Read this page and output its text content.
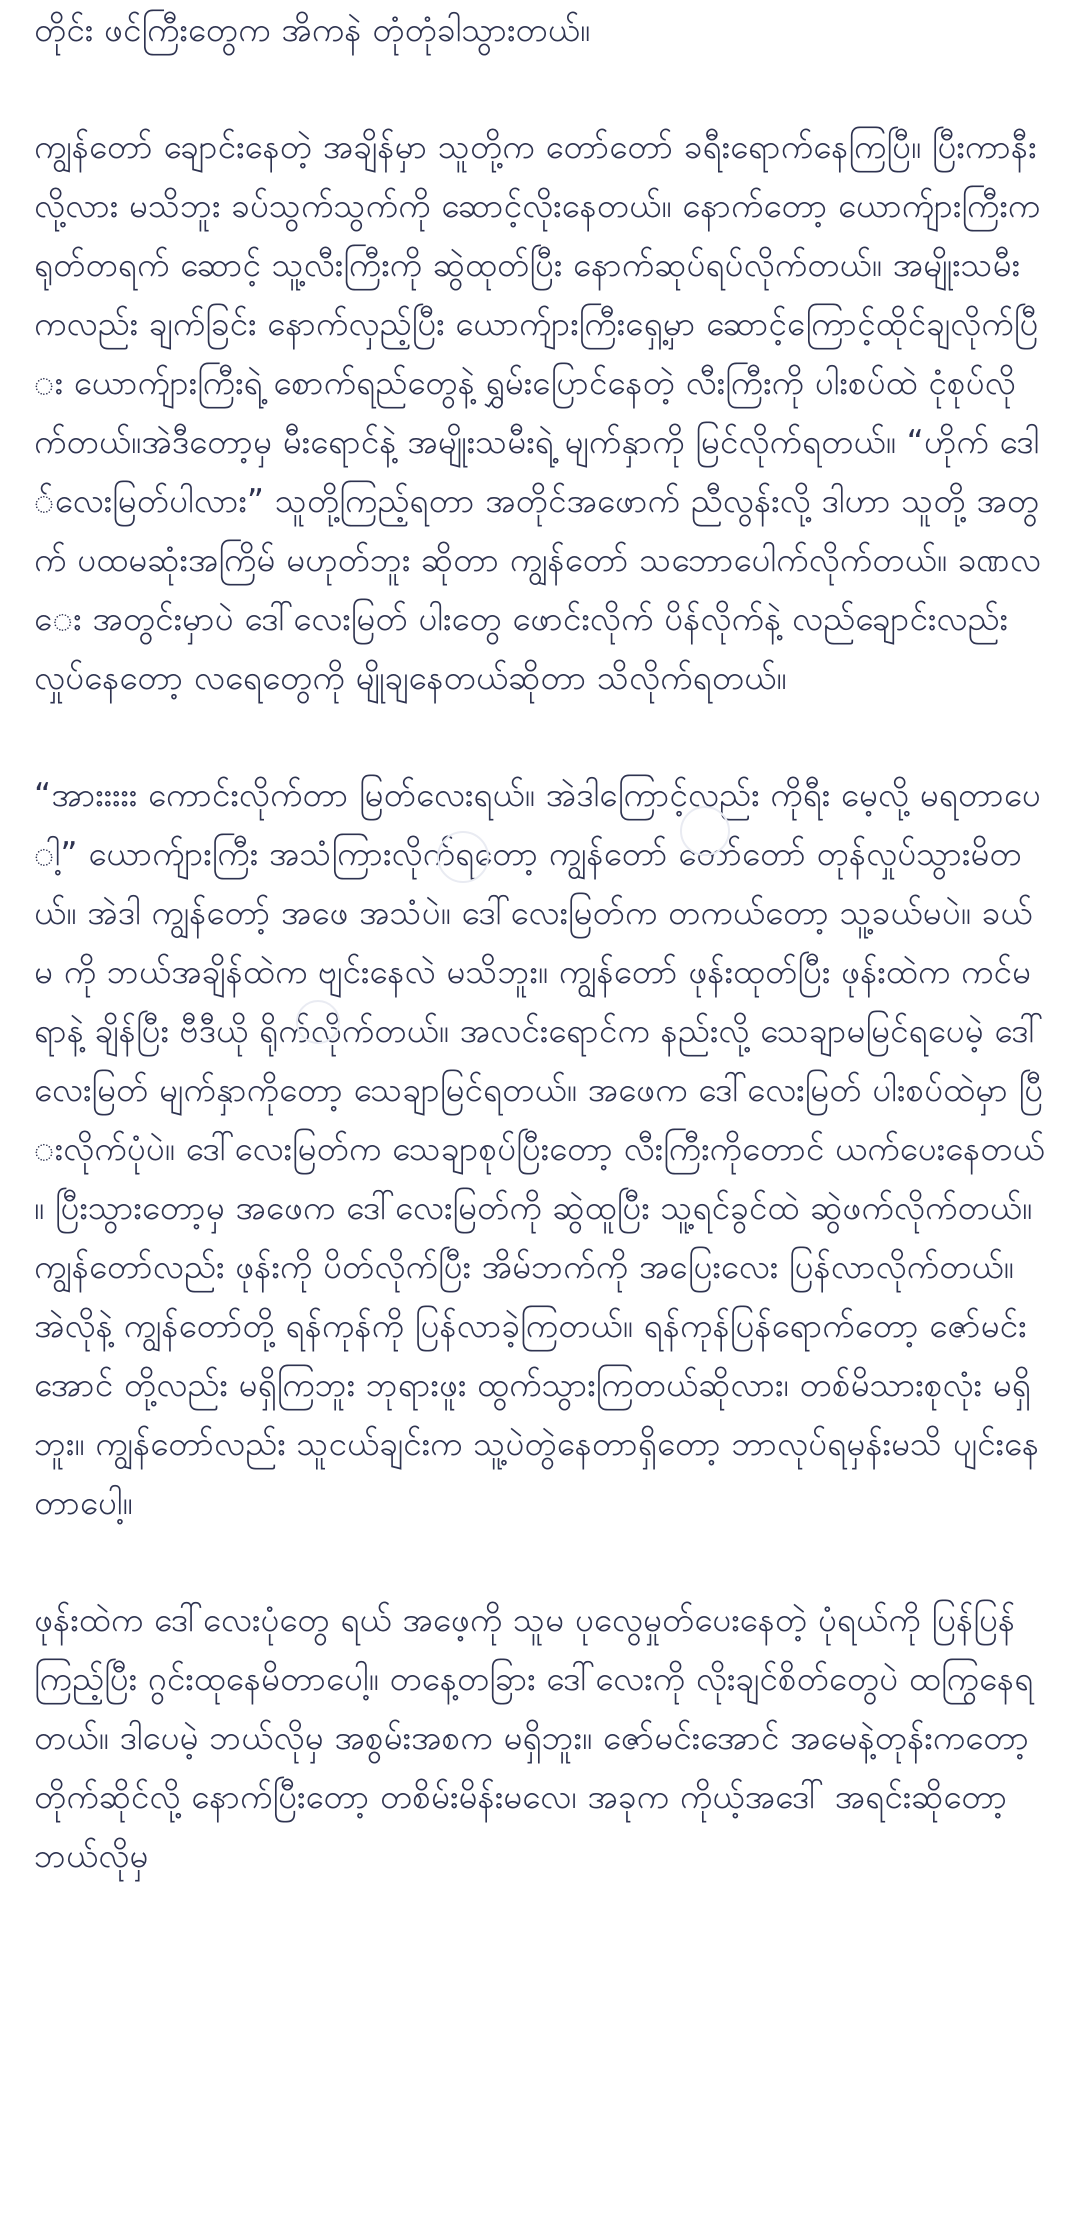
တိုင်း ဖင်ကြီးတွေက အိကနဲ တုံတုံခါသွားတယ်။

ကျွန်တော် ချောင်းနေတဲ့ အချိန်မှာ သူတို့က တော်တော် ခရီးရောက်နေကြပြီ။ ပြီးကာနီးလို့လား မသိဘူး ခပ်သွက်သွက်ကို ဆောင့်လိုးနေတယ်။ နောက်တော့ ယောက်ျားကြီးက ရုတ်တရက် ဆောင့် သူ့လီးကြီးကို ဆွဲထုတ်ပြီး နောက်ဆုပ်ရပ်လိုက်တယ်။ အမျိုးသမီးကလည်း ချက်ခြင်း နောက်လှည့်ပြီး ယောက်ျားကြီးရှေ့မှာ ဆောင့်ကြောင့်ထိုင်ချလိုက်ပြီး ယောက်ျားကြီးရဲ့ စောက်ရည်တွေနဲ့ ရွှမ်းပြောင်နေတဲ့ လီးကြီးကို ပါးစပ်ထဲ ငုံစုပ်လိုက်တယ်။အဲဒီတော့မှ မီးရောင်နဲ့ အမျိုးသမီးရဲ့ မျက်နှာကို မြင်လိုက်ရတယ်။ “ဟိုက် ဒေါ်လေးမြတ်ပါလား” သူတို့ကြည့်ရတာ အတိုင်အဖောက် ညီလွန်းလို့ ဒါဟာ သူတို့ အတွက် ပထမဆုံးအကြိမ် မဟုတ်ဘူး ဆိုတာ ကျွန်တော် သဘောပေါက်လိုက်တယ်။ ခဏလေး အတွင်းမှာပဲ ဒေါ်လေးမြတ် ပါးတွေ ဖောင်းလိုက် ပိန်လိုက်နဲ့ လည်ချောင်းလည်း လှုပ်နေတော့ လရေတွေကို မျိုချနေတယ်ဆိုတာ သိလိုက်ရတယ်။

“အားးးးး ကောင်းလိုက်တာ မြတ်လေးရယ်။ အဲဒါကြောင့်လည်း ကိုရီး မေ့လို့ မရတာပေါ့” ယောက်ျားကြီး အသံကြားလိုက်ရတော့ ကျွန်တော် တော်တော် တုန်လှုပ်သွားမိတယ်။ အဲဒါ ကျွန်တော့် အဖေ အသံပဲ။ ဒေါ်လေးမြတ်က တကယ်တော့ သူ့ခယ်မပဲ။ ခယ်မ ကို ဘယ်အချိန်ထဲက ဗျင်းနေလဲ မသိဘူး။ ကျွန်တော် ဖုန်းထုတ်ပြီး ဖုန်းထဲက ကင်မရာနဲ့ ချိန်ပြီး ဗီဒီယို ရိုက်လိုက်တယ်။ အလင်းရောင်က နည်းလို့ သေချာမမြင်ရပေမဲ့ ဒေါ်လေးမြတ် မျက်နှာကိုတော့ သေချာမြင်ရတယ်။ အဖေက ဒေါ်လေးမြတ် ပါးစပ်ထဲမှာ ပြီးလိုက်ပုံပဲ။ ဒေါ်လေးမြတ်က သေချာစုပ်ပြီးတော့ လီးကြီးကိုတောင် ယက်ပေးနေတယ်။ ပြီးသွားတော့မှ အဖေက ဒေါ်လေးမြတ်ကို ဆွဲထူပြီး သူ့ရင်ခွင်ထဲ ဆွဲဖက်လိုက်တယ်။ ကျွန်တော်လည်း ဖုန်းကို ပိတ်လိုက်ပြီး အိမ်ဘက်ကို အပြေးလေး ပြန်လာလိုက်တယ်။ အဲလိုနဲ့ ကျွန်တော်တို့ ရန်ကုန်ကို ပြန်လာခဲ့ကြတယ်။ ရန်ကုန်ပြန်ရောက်တော့ ဇော်မင်းအောင် တို့လည်း မရှိကြဘူး ဘုရားဖူး ထွက်သွားကြတယ်ဆိုလား၊ တစ်မိသားစုလုံး မရှိဘူး။ ကျွန်တော်လည်း သူငယ်ချင်းက သူ့ပဲတွဲနေတာရှိတော့ ဘာလုပ်ရမှန်းမသိ ပျင်းနေတာပေါ့။

ဖုန်းထဲက ဒေါ်လေးပုံတွေ ရယ် အဖေ့ကို သူမ ပုလွေမှုတ်ပေးနေတဲ့ ပုံရယ်ကို ပြန်ပြန်ကြည့်ပြီး ဂွင်းထုနေမိတာပေါ့။ တနေ့တခြား ဒေါ်လေးကို လိုးချင်စိတ်တွေပဲ ထကြွနေရတယ်။ ဒါပေမဲ့ ဘယ်လိုမှ အစွမ်းအစက မရှိဘူး။ ဇော်မင်းအောင် အမေနဲ့တုန်းကတော့ တိုက်ဆိုင်လို့ နောက်ပြီးတော့ တစိမ်းမိန်းမလေ၊ အခုက ကိုယ့်အဒေါ် အရင်းဆိုတော့ ဘယ်လိုမှ
